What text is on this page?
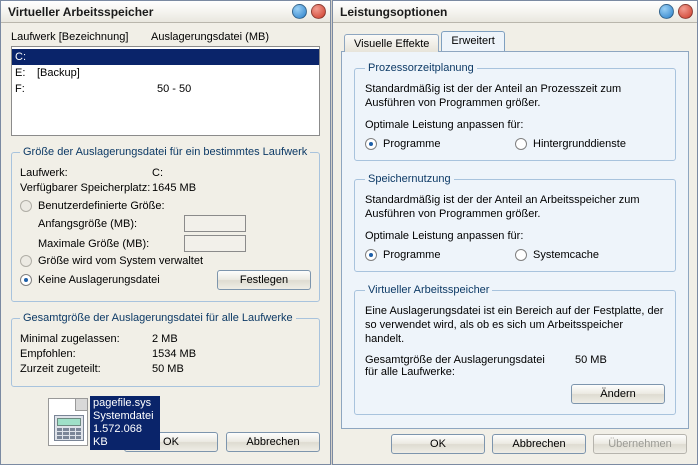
Virtueller Arbeitsspeicher
Laufwerk [Bezeichnung]	Auslagerungsdatei (MB)
C:
E:	[Backup]
F:	50 - 50
Größe der Auslagerungsdatei für ein bestimmtes Laufwerk
Laufwerk:	C:
Verfügbarer Speicherplatz: 1645 MB
Benutzerdefinierte Größe:
Anfangsgröße (MB):
Maximale Größe (MB):
Größe wird vom System verwaltet
Keine Auslagerungsdatei	Festlegen
Gesamtgröße der Auslagerungsdatei für alle Laufwerke
Minimal zugelassen:	2 MB
Empfohlen:	1534 MB
Zurzeit zugeteilt:	50 MB
OK	Abbrechen
Leistungsoptionen
Visuelle Effekte	Erweitert
Prozessorzeitplanung
Standardmäßig ist der der Anteil an Prozesszeit zum Ausführen von Programmen größer.
Optimale Leistung anpassen für:
Programme	Hintergrunddienste
Speichernutzung
Standardmäßig ist der der Anteil an Arbeitsspeicher zum Ausführen von Programmen größer.
Optimale Leistung anpassen für:
Programme	Systemcache
Virtueller Arbeitsspeicher
Eine Auslagerungsdatei ist ein Bereich auf der Festplatte, der so verwendet wird, als ob es sich um Arbeitsspeicher handelt.
Gesamtgröße der Auslagerungsdatei
für alle Laufwerke:
50 MB
Ändern
OK	Abbrechen	Übernehmen
pagefile.sys
Systemdatei
1.572.068 KB
